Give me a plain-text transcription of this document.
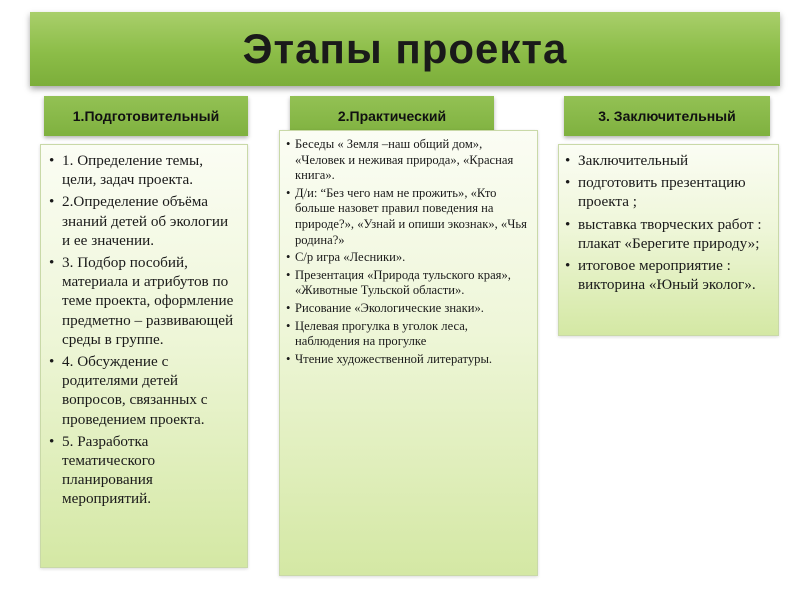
Этапы проекта
1.Подготовительный	2.Практический	3. Заключительный
• 1. Определение темы, цели, задач проекта.
• 2.Определение объёма знаний детей об экологии и ее значении.
• 3. Подбор пособий, материала и атрибутов по теме проекта, оформление предметно – развивающей среды в группе.
• 4. Обсуждение с родителями детей вопросов, связанных с проведением проекта.
• 5. Разработка тематического планирования мероприятий.
• Беседы « Земля –наш общий дом», «Человек и неживая природа», «Красная книга».
• Д/и: “Без чего нам не прожить», «Кто больше назовет правил поведения на природе?», «Узнай и опиши экознак», «Чья родина?»
• С/р игра «Лесники».
• Презентация «Природа тульского края», «Животные Тульской области».
• Рисование «Экологические знаки».
• Целевая прогулка в уголок леса, наблюдения на прогулке
• Чтение художественной литературы.
• Заключительный
• подготовить презентацию проекта ;
• выставка творческих работ : плакат «Берегите природу»;
• итоговое мероприятие : викторина «Юный эколог».
